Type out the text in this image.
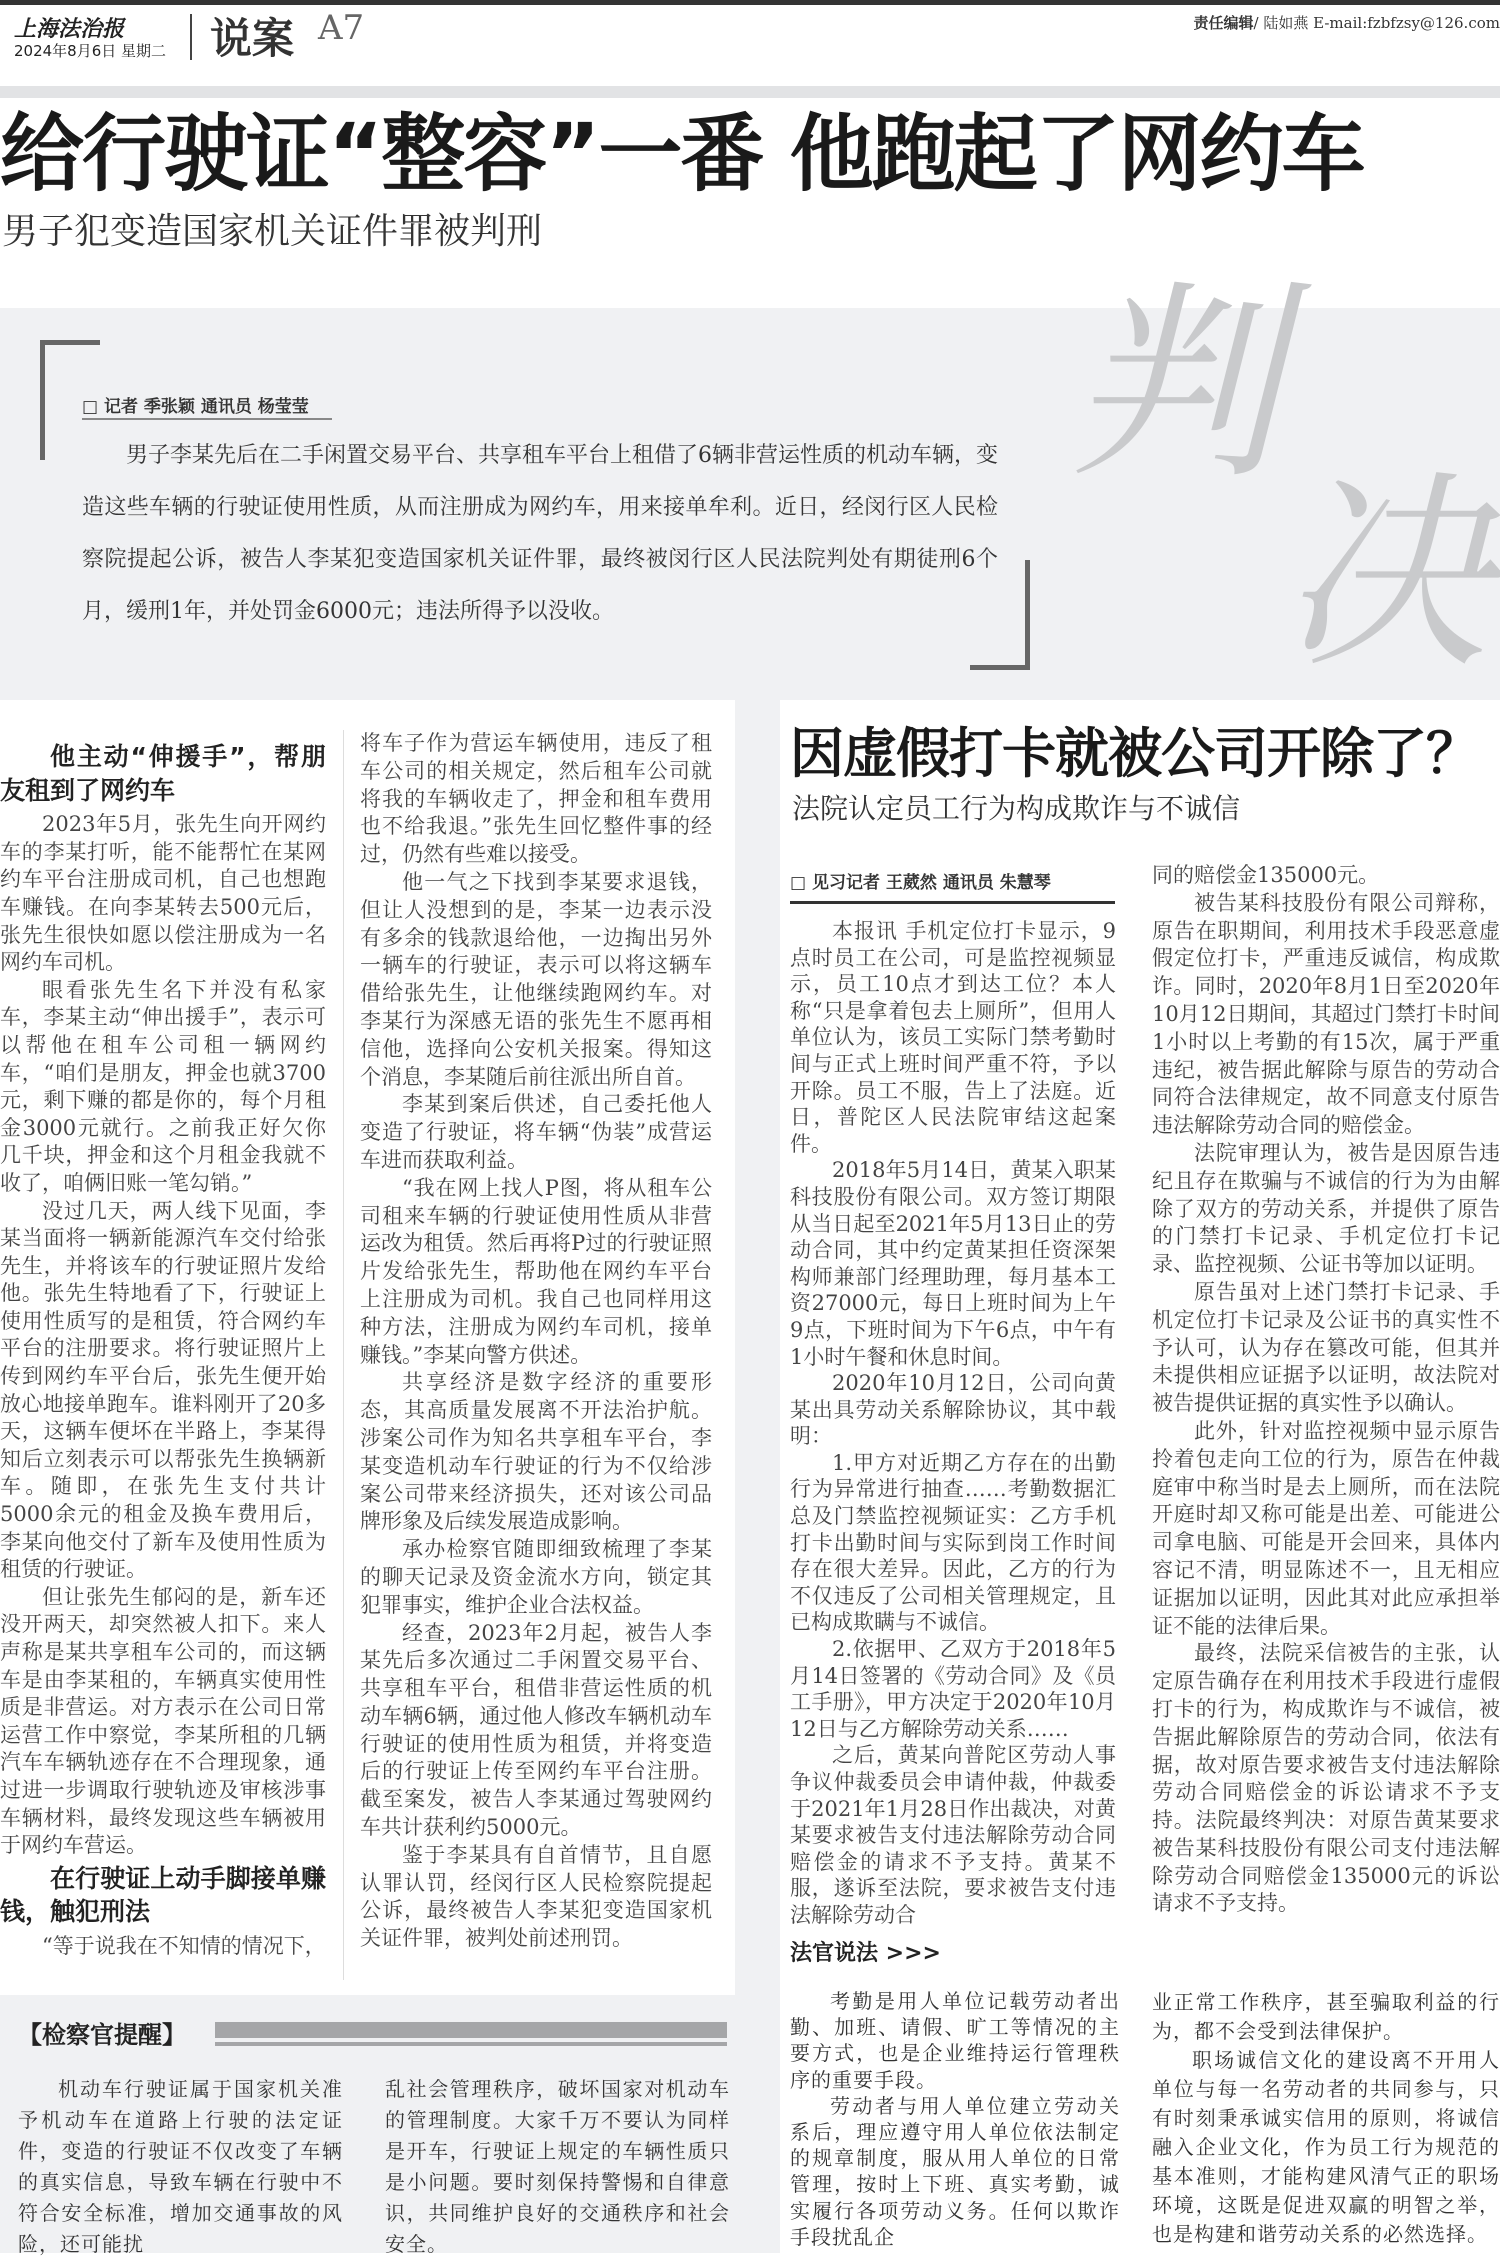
上海法治报
2024年8月6日 星期二 说案 A7	责任编辑/ 陆如燕 E-mail:fzbfzsy@126.com
给行驶证“整容”一番 他跑起了网约车
男子犯变造国家机关证件罪被判刑
判
决
□ 记者 季张颖 通讯员 杨莹莹
男子李某先后在二手闲置交易平台、共享租车平台上租借了6辆非营运性质的机动车辆，变造这些车辆的行驶证使用性质，从而注册成为网约车，用来接单牟利。近日，经闵行区人民检察院提起公诉，被告人李某犯变造国家机关证件罪，最终被闵行区人民法院判处有期徒刑6个月，缓刑1年，并处罚金6000元；违法所得予以没收。
他主动“伸援手”，帮朋友租到了网约车

2023年5月，张先生向开网约车的李某打听，能不能帮忙在某网约车平台注册成司机，自己也想跑车赚钱。在向李某转去500元后，张先生很快如愿以偿注册成为一名网约车司机。

眼看张先生名下并没有私家车，李某主动“伸出援手”，表示可以帮他在租车公司租一辆网约车，“咱们是朋友，押金也就3700元，剩下赚的都是你的，每个月租金3000元就行。之前我正好欠你几千块，押金和这个月租金我就不收了，咱俩旧账一笔勾销。”

没过几天，两人线下见面，李某当面将一辆新能源汽车交付给张先生，并将该车的行驶证照片发给他。张先生特地看了下，行驶证上使用性质写的是租赁，符合网约车平台的注册要求。将行驶证照片上传到网约车平台后，张先生便开始放心地接单跑车。谁料刚开了20多天，这辆车便坏在半路上，李某得知后立刻表示可以帮张先生换辆新车。随即，在张先生支付共计5000余元的租金及换车费用后，李某向他交付了新车及使用性质为租赁的行驶证。

但让张先生郁闷的是，新车还没开两天，却突然被人扣下。来人声称是某共享租车公司的，而这辆车是由李某租的，车辆真实使用性质是非营运。对方表示在公司日常运营工作中察觉，李某所租的几辆汽车车辆轨迹存在不合理现象，通过进一步调取行驶轨迹及审核涉事车辆材料，最终发现这些车辆被用于网约车营运。

在行驶证上动手脚接单赚钱，触犯刑法

“等于说我在不知情的情况下，

将车子作为营运车辆使用，违反了租车公司的相关规定，然后租车公司就将我的车辆收走了，押金和租车费用也不给我退。”张先生回忆整件事的经过，仍然有些难以接受。

他一气之下找到李某要求退钱，但让人没想到的是，李某一边表示没有多余的钱款退给他，一边掏出另外一辆车的行驶证，表示可以将这辆车借给张先生，让他继续跑网约车。对李某行为深感无语的张先生不愿再相信他，选择向公安机关报案。得知这个消息，李某随后前往派出所自首。

李某到案后供述，自己委托他人变造了行驶证，将车辆“伪装”成营运车进而获取利益。

“我在网上找人P图，将从租车公司租来车辆的行驶证使用性质从非营运改为租赁。然后再将P过的行驶证照片发给张先生，帮助他在网约车平台上注册成为司机。我自己也同样用这种方法，注册成为网约车司机，接单赚钱。”李某向警方供述。

共享经济是数字经济的重要形态，其高质量发展离不开法治护航。涉案公司作为知名共享租车平台，李某变造机动车行驶证的行为不仅给涉案公司带来经济损失，还对该公司品牌形象及后续发展造成影响。

承办检察官随即细致梳理了李某的聊天记录及资金流水方向，锁定其犯罪事实，维护企业合法权益。

经查，2023年2月起，被告人李某先后多次通过二手闲置交易平台、共享租车平台，租借非营运性质的机动车辆6辆，通过他人修改车辆机动车行驶证的使用性质为租赁，并将变造后的行驶证上传至网约车平台注册。截至案发，被告人李某通过驾驶网约车共计获利约5000元。

鉴于李某具有自首情节，且自愿认罪认罚，经闵行区人民检察院提起公诉，最终被告人李某犯变造国家机关证件罪，被判处前述刑罚。

【检察官提醒】

机动车行驶证属于国家机关准予机动车在道路上行驶的法定证件，变造的行驶证不仅改变了车辆的真实信息，导致车辆在行驶中不符合安全标准，增加交通事故的风险，还可能扰

乱社会管理秩序，破坏国家对机动车的管理制度。大家千万不要认为同样是开车，行驶证上规定的车辆性质只是小问题。要时刻保持警惕和自律意识，共同维护良好的交通秩序和社会安全。

因虚假打卡就被公司开除了？
法院认定员工行为构成欺诈与不诚信
□ 见习记者 王葳然 通讯员 朱慧琴

本报讯 手机定位打卡显示，9点时员工在公司，可是监控视频显示，员工10点才到达工位？本人称“只是拿着包去上厕所”，但用人单位认为，该员工实际门禁考勤时间与正式上班时间严重不符，予以开除。员工不服，告上了法庭。近日，普陀区人民法院审结这起案件。

2018年5月14日，黄某入职某科技股份有限公司。双方签订期限从当日起至2021年5月13日止的劳动合同，其中约定黄某担任资深架构师兼部门经理助理，每月基本工资27000元，每日上班时间为上午9点，下班时间为下午6点，中午有1小时午餐和休息时间。

2020年10月12日，公司向黄某出具劳动关系解除协议，其中载明：

1.甲方对近期乙方存在的出勤行为异常进行抽查……考勤数据汇总及门禁监控视频证实：乙方手机打卡出勤时间与实际到岗工作时间存在很大差异。因此，乙方的行为不仅违反了公司相关管理规定，且已构成欺瞒与不诚信。

2.依据甲、乙双方于2018年5月14日签署的《劳动合同》及《员工手册》，甲方决定于2020年10月12日与乙方解除劳动关系……

之后，黄某向普陀区劳动人事争议仲裁委员会申请仲裁，仲裁委于2021年1月28日作出裁决，对黄某要求被告支付违法解除劳动合同赔偿金的请求不予支持。黄某不服，遂诉至法院，要求被告支付违法解除劳动合

同的赔偿金135000元。

被告某科技股份有限公司辩称，原告在职期间，利用技术手段恶意虚假定位打卡，严重违反诚信，构成欺诈。同时，2020年8月1日至2020年10月12日期间，其超过门禁打卡时间1小时以上考勤的有15次，属于严重违纪，被告据此解除与原告的劳动合同符合法律规定，故不同意支付原告违法解除劳动合同的赔偿金。

法院审理认为，被告是因原告违纪且存在欺骗与不诚信的行为为由解除了双方的劳动关系，并提供了原告的门禁打卡记录、手机定位打卡记录、监控视频、公证书等加以证明。

原告虽对上述门禁打卡记录、手机定位打卡记录及公证书的真实性不予认可，认为存在篡改可能，但其并未提供相应证据予以证明，故法院对被告提供证据的真实性予以确认。

此外，针对监控视频中显示原告拎着包走向工位的行为，原告在仲裁庭审中称当时是去上厕所，而在法院开庭时却又称可能是出差、可能进公司拿电脑、可能是开会回来，具体内容记不清，明显陈述不一，且无相应证据加以证明，因此其对此应承担举证不能的法律后果。

最终，法院采信被告的主张，认定原告确存在利用技术手段进行虚假打卡的行为，构成欺诈与不诚信，被告据此解除原告的劳动合同，依法有据，故对原告要求被告支付违法解除劳动合同赔偿金的诉讼请求不予支持。法院最终判决：对原告黄某要求被告某科技股份有限公司支付违法解除劳动合同赔偿金135000元的诉讼请求不予支持。

法官说法 >>>

考勤是用人单位记载劳动者出勤、加班、请假、旷工等情况的主要方式，也是企业维持运行管理秩序的重要手段。

劳动者与用人单位建立劳动关系后，理应遵守用人单位依法制定的规章制度，服从用人单位的日常管理，按时上下班、真实考勤，诚实履行各项劳动义务。任何以欺诈手段扰乱企

业正常工作秩序，甚至骗取利益的行为，都不会受到法律保护。

职场诚信文化的建设离不开用人单位与每一名劳动者的共同参与，只有时刻秉承诚实信用的原则，将诚信融入企业文化，作为员工行为规范的基本准则，才能构建风清气正的职场环境，这既是促进双赢的明智之举，也是构建和谐劳动关系的必然选择。
